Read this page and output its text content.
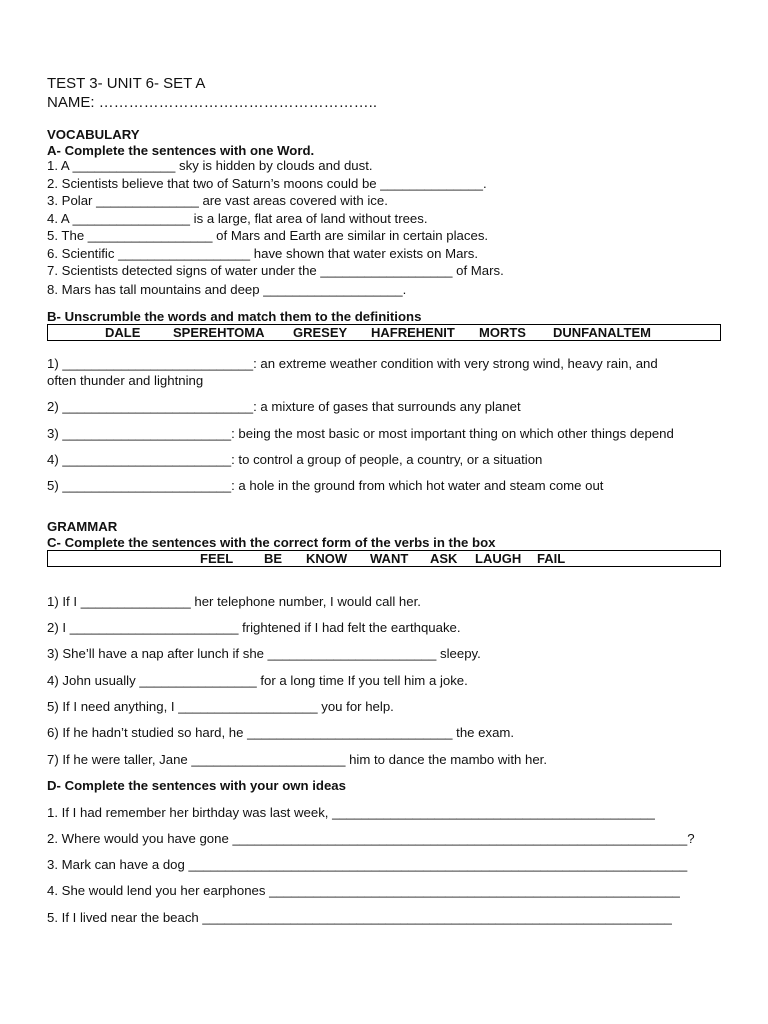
TEST 3- UNIT 6- SET A
NAME: ………………………………………………..
VOCABULARY
A- Complete the sentences with one Word.
1. A ______________ sky is hidden by clouds and dust.
2. Scientists believe that two of Saturn’s moons could be ______________.
3. Polar ______________ are vast areas covered with ice.
4. A ________________ is a large, flat area of land without trees.
5. The _________________ of Mars and Earth are similar in certain places.
6. Scientific __________________ have shown that water exists on Mars.
7. Scientists detected signs of water under the __________________ of Mars.
8. Mars has tall mountains and deep ___________________.
B- Unscrumble the words and match them to the definitions
DALE	SPEREHTOMA GRESEY HAFREHENIT MORTS DUNFANALTEM
1) __________________________: an extreme weather condition with very strong wind, heavy rain, and
often thunder and lightning
2) __________________________: a mixture of gases that surrounds any planet
3) _______________________: being the most basic or most important thing on which other things depend
4) _______________________: to control a group of people, a country, or a situation
5) _______________________: a hole in the ground from which hot water and steam come out
GRAMMAR
C- Complete the sentences with the correct form of the verbs in the box
FEEL BE KNOW WANT ASK LAUGH FAIL
1) If I _______________ her telephone number, I would call her.
2) I _______________________ frightened if I had felt the earthquake.
3) She’ll have a nap after lunch if she _______________________ sleepy.
4) John usually ________________ for a long time If you tell him a joke.
5) If I need anything, I ___________________ you for help.
6) If he hadn’t studied so hard, he ____________________________ the exam.
7) If he were taller, Jane _____________________ him to dance the mambo with her.
D- Complete the sentences with your own ideas
1. If I had remember her birthday was last week, ____________________________________________
2. Where would you have gone ______________________________________________________________?
3. Mark can have a dog ____________________________________________________________________
4. She would lend you her earphones ________________________________________________________
5. If I lived near the beach ________________________________________________________________
